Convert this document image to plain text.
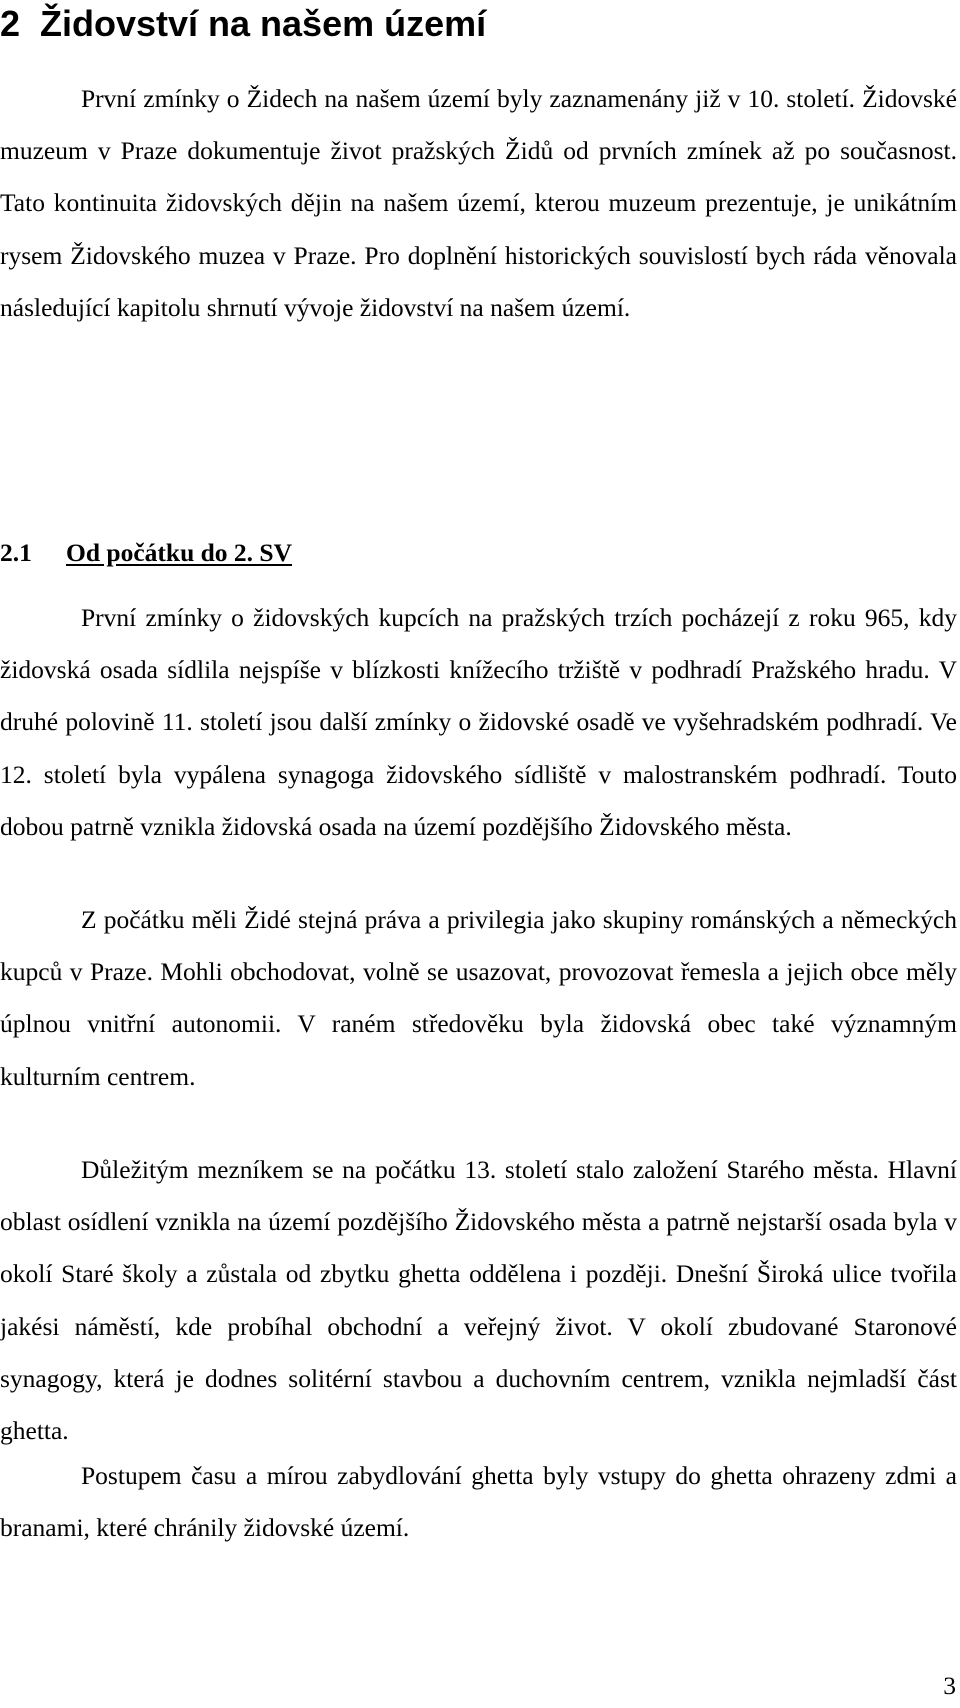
2 Židovství na našem území

První zmínky o Židech na našem území byly zaznamenány již v 10. století. Židovské muzeum v Praze dokumentuje život pražských Židů od prvních zmínek až po současnost. Tato kontinuita židovských dějin na našem území, kterou muzeum prezentuje, je unikátním rysem Židovského muzea v Praze. Pro doplnění historických souvislostí bych ráda věnovala následující kapitolu shrnutí vývoje židovství na našem území.

2.1 Od počátku do 2. SV

První zmínky o židovských kupcích na pražských trzích pocházejí z roku 965, kdy židovská osada sídlila nejspíše v blízkosti knížecího tržiště v podhradí Pražského hradu. V druhé polovině 11. století jsou další zmínky o židovské osadě ve vyšehradském podhradí. Ve 12. století byla vypálena synagoga židovského sídliště v malostranském podhradí. Touto dobou patrně vznikla židovská osada na území pozdějšího Židovského města.

Z počátku měli Židé stejná práva a privilegia jako skupiny románských a německých kupců v Praze. Mohli obchodovat, volně se usazovat, provozovat řemesla a jejich obce měly úplnou vnitřní autonomii. V raném středověku byla židovská obec také významným kulturním centrem.

Důležitým mezníkem se na počátku 13. století stalo založení Starého města. Hlavní oblast osídlení vznikla na území pozdějšího Židovského města a patrně nejstarší osada byla v okolí Staré školy a zůstala od zbytku ghetta oddělena i později. Dnešní Široká ulice tvořila jakési náměstí, kde probíhal obchodní a veřejný život. V okolí zbudované Staronové synagogy, která je dodnes solitérní stavbou a duchovním centrem, vznikla nejmladší část ghetta.

Postupem času a mírou zabydlování ghetta byly vstupy do ghetta ohrazeny zdmi a branami, které chránily židovské území.

3
